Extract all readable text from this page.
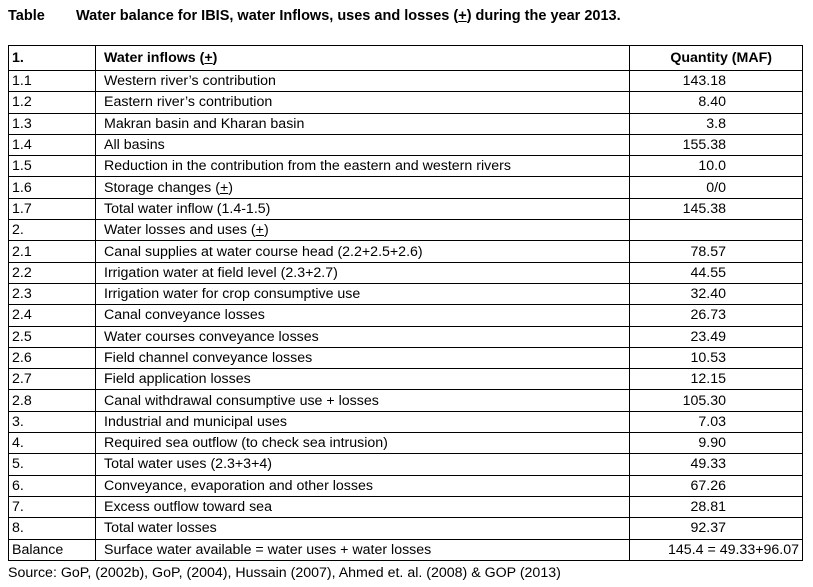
Table	Water balance for IBIS, water Inflows, uses and losses (+) during the year 2013.
1.	Water inflows (+)	Quantity (MAF)
1.1	Western river’s contribution	143.18
1.2	Eastern river’s contribution	8.40
1.3	Makran basin and Kharan basin	3.8
1.4	All basins	155.38
1.5	Reduction in the contribution from the eastern and western rivers	10.0
1.6	Storage changes (+)	0/0
1.7	Total water inflow (1.4-1.5)	145.38
2.	Water losses and uses (+)	
2.1	Canal supplies at water course head (2.2+2.5+2.6)	78.57
2.2	Irrigation water at field level (2.3+2.7)	44.55
2.3	Irrigation water for crop consumptive use	32.40
2.4	Canal conveyance losses	26.73
2.5	Water courses conveyance losses	23.49
2.6	Field channel conveyance losses	10.53
2.7	Field application losses	12.15
2.8	Canal withdrawal consumptive use + losses	105.30
3.	Industrial and municipal uses	7.03
4.	Required sea outflow (to check sea intrusion)	9.90
5.	Total water uses (2.3+3+4)	49.33
6.	Conveyance, evaporation and other losses	67.26
7.	Excess outflow toward sea	28.81
8.	Total water losses	92.37
Balance	Surface water available = water uses + water losses	145.4 = 49.33+96.07
Source: GoP, (2002b), GoP, (2004), Hussain (2007), Ahmed et. al. (2008) & GOP (2013)
